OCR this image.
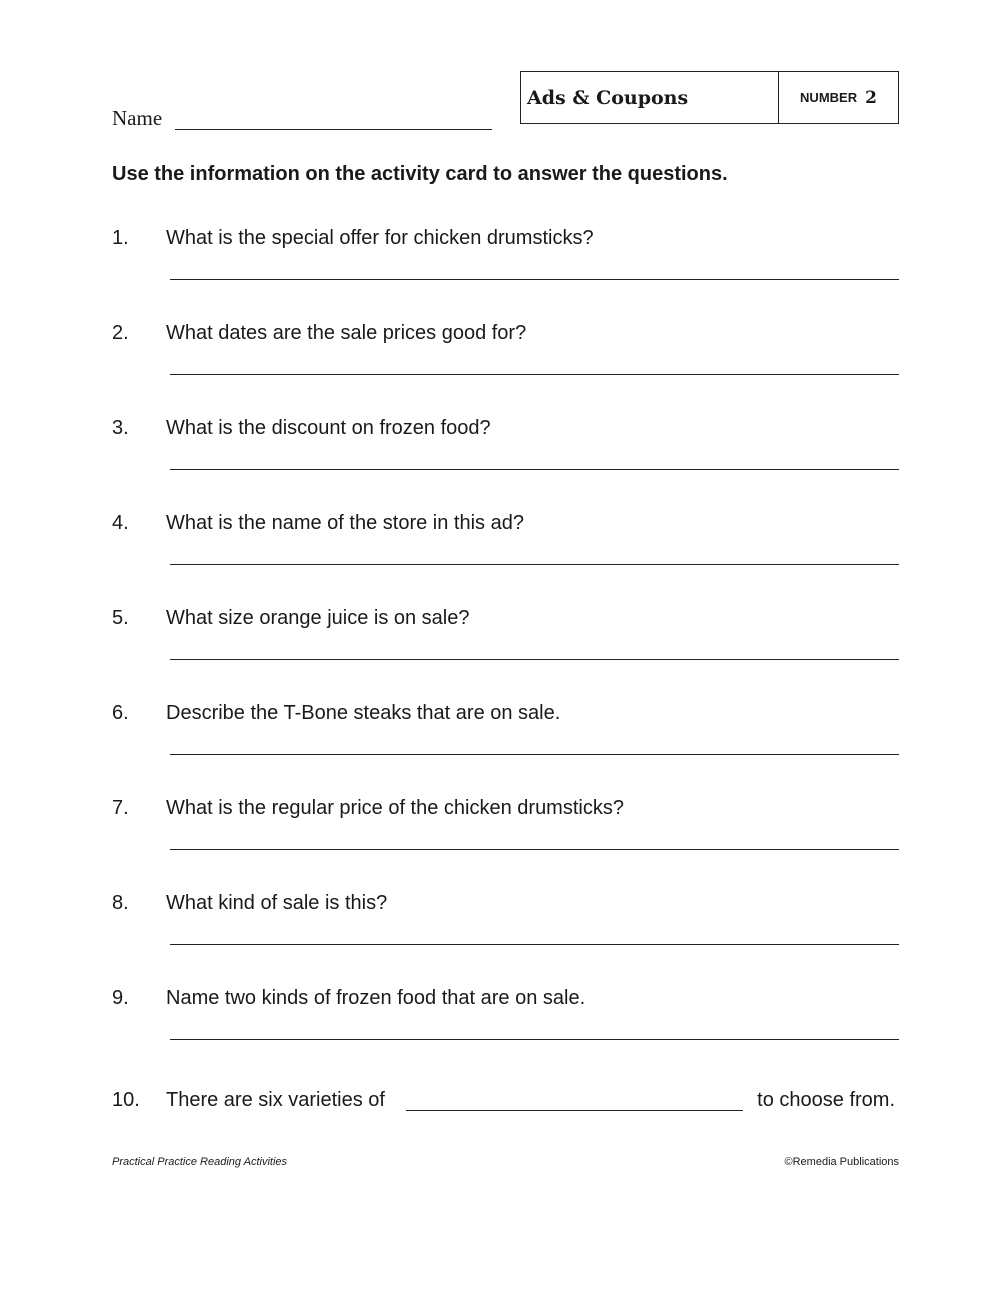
Name
Ads & Coupons	NUMBER 2
Use the information on the activity card to answer the questions.
1. What is the special offer for chicken drumsticks?
2. What dates are the sale prices good for?
3. What is the discount on frozen food?
4. What is the name of the store in this ad?
5. What size orange juice is on sale?
6. Describe the T-Bone steaks that are on sale.
7. What is the regular price of the chicken drumsticks?
8. What kind of sale is this?
9. Name two kinds of frozen food that are on sale.
10. There are six varieties of	to choose from.
Practical Practice Reading Activities	©Remedia Publications
